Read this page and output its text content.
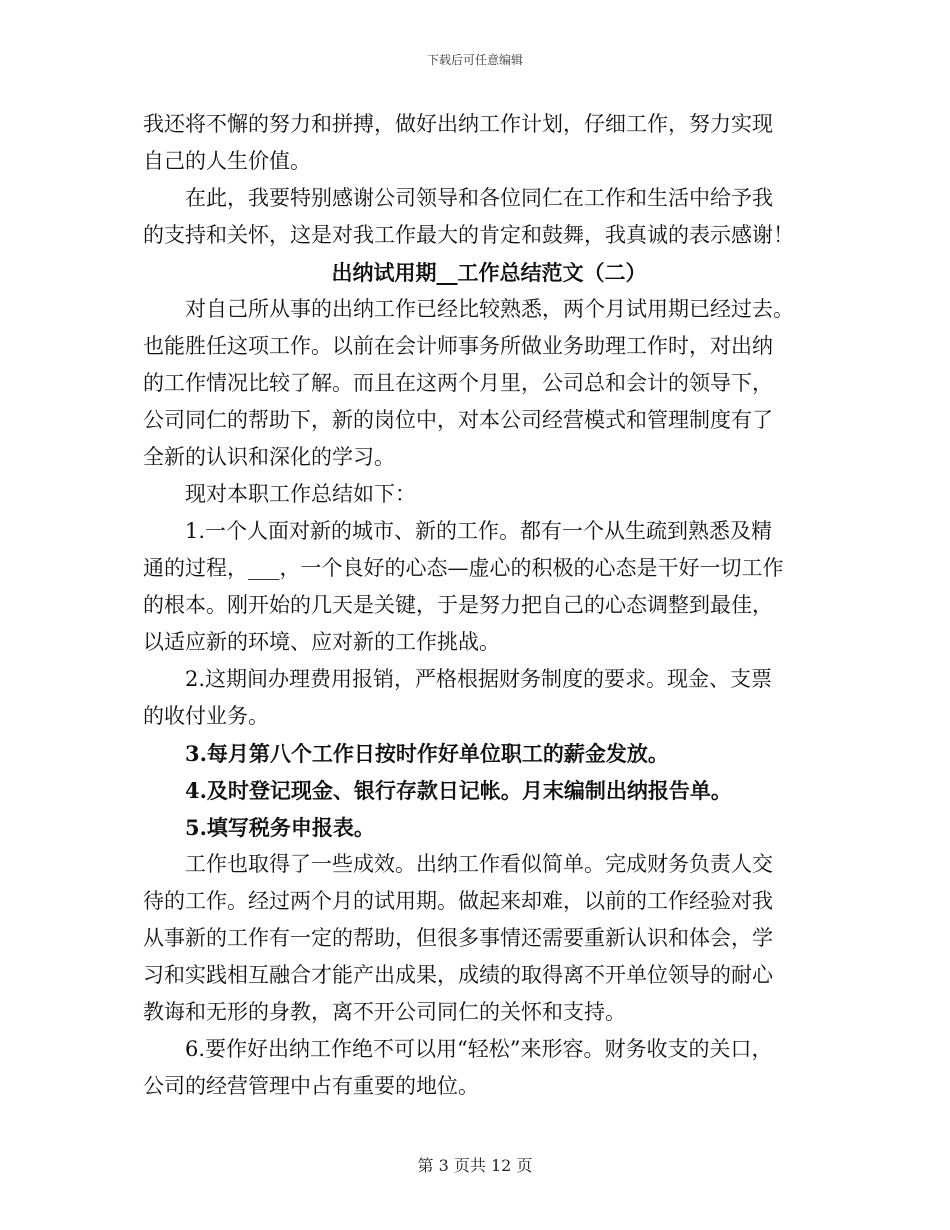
下载后可任意编辑
我还将不懈的努力和拼搏，做好出纳工作计划，仔细工作，努力实现
自己的人生价值。
在此，我要特别感谢公司领导和各位同仁在工作和生活中给予我
的支持和关怀，这是对我工作最大的肯定和鼓舞，我真诚的表示感谢！
出纳试用期__工作总结范文（二）
对自己所从事的出纳工作已经比较熟悉，两个月试用期已经过去。
也能胜任这项工作。以前在会计师事务所做业务助理工作时，对出纳
的工作情况比较了解。而且在这两个月里，公司总和会计的领导下，
公司同仁的帮助下，新的岗位中，对本公司经营模式和管理制度有了
全新的认识和深化的学习。
现对本职工作总结如下：
1.一个人面对新的城市、新的工作。都有一个从生疏到熟悉及精
通的过程，___，一个良好的心态—虚心的积极的心态是干好一切工作
的根本。刚开始的几天是关键，于是努力把自己的心态调整到最佳，
以适应新的环境、应对新的工作挑战。
2.这期间办理费用报销，严格根据财务制度的要求。现金、支票
的收付业务。
3.每月第八个工作日按时作好单位职工的薪金发放。
4.及时登记现金、银行存款日记帐。月末编制出纳报告单。
5.填写税务申报表。
工作也取得了一些成效。出纳工作看似简单。完成财务负责人交
待的工作。经过两个月的试用期。做起来却难，以前的工作经验对我
从事新的工作有一定的帮助，但很多事情还需要重新认识和体会，学
习和实践相互融合才能产出成果，成绩的取得离不开单位领导的耐心
教诲和无形的身教，离不开公司同仁的关怀和支持。
6.要作好出纳工作绝不可以用“轻松”来形容。财务收支的关口，
公司的经营管理中占有重要的地位。
第 3 页共 12 页
